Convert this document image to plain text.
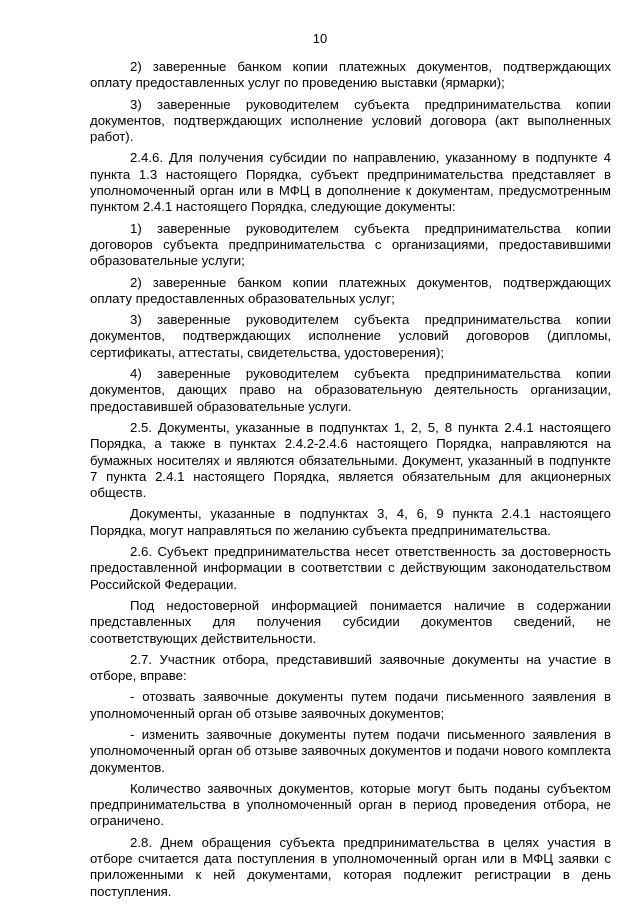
10

2) заверенные банком копии платежных документов, подтверждающих оплату предоставленных услуг по проведению выставки (ярмарки);

3) заверенные руководителем субъекта предпринимательства копии документов, подтверждающих исполнение условий договора (акт выполненных работ).

2.4.6. Для получения субсидии по направлению, указанному в подпункте 4 пункта 1.3 настоящего Порядка, субъект предпринимательства представляет в уполномоченный орган или в МФЦ в дополнение к документам, предусмотренным пунктом 2.4.1 настоящего Порядка, следующие документы:

1) заверенные руководителем субъекта предпринимательства копии договоров субъекта предпринимательства с организациями, предоставившими образовательные услуги;

2) заверенные банком копии платежных документов, подтверждающих оплату предоставленных образовательных услуг;

3) заверенные руководителем субъекта предпринимательства копии документов, подтверждающих исполнение условий договоров (дипломы, сертификаты, аттестаты, свидетельства, удостоверения);

4) заверенные руководителем субъекта предпринимательства копии документов, дающих право на образовательную деятельность организации, предоставившей образовательные услуги.

2.5. Документы, указанные в подпунктах 1, 2, 5, 8 пункта 2.4.1 настоящего Порядка, а также в пунктах 2.4.2-2.4.6 настоящего Порядка, направляются на бумажных носителях и являются обязательными. Документ, указанный в подпункте 7 пункта 2.4.1 настоящего Порядка, является обязательным для акционерных обществ.

Документы, указанные в подпунктах 3, 4, 6, 9 пункта 2.4.1 настоящего Порядка, могут направляться по желанию субъекта предпринимательства.

2.6. Субъект предпринимательства несет ответственность за достоверность предоставленной информации в соответствии с действующим законодательством Российской Федерации.

Под недостоверной информацией понимается наличие в содержании представленных для получения субсидии документов сведений, не соответствующих действительности.

2.7. Участник отбора, представивший заявочные документы на участие в отборе, вправе:

- отозвать заявочные документы путем подачи письменного заявления в уполномоченный орган об отзыве заявочных документов;

- изменить заявочные документы путем подачи письменного заявления в уполномоченный орган об отзыве заявочных документов и подачи нового комплекта документов.

Количество заявочных документов, которые могут быть поданы субъектом предпринимательства в уполномоченный орган в период проведения отбора, не ограничено.

2.8. Днем обращения субъекта предпринимательства в целях участия в отборе считается дата поступления в уполномоченный орган или в МФЦ заявки с приложенными к ней документами, которая подлежит регистрации в день поступления.
